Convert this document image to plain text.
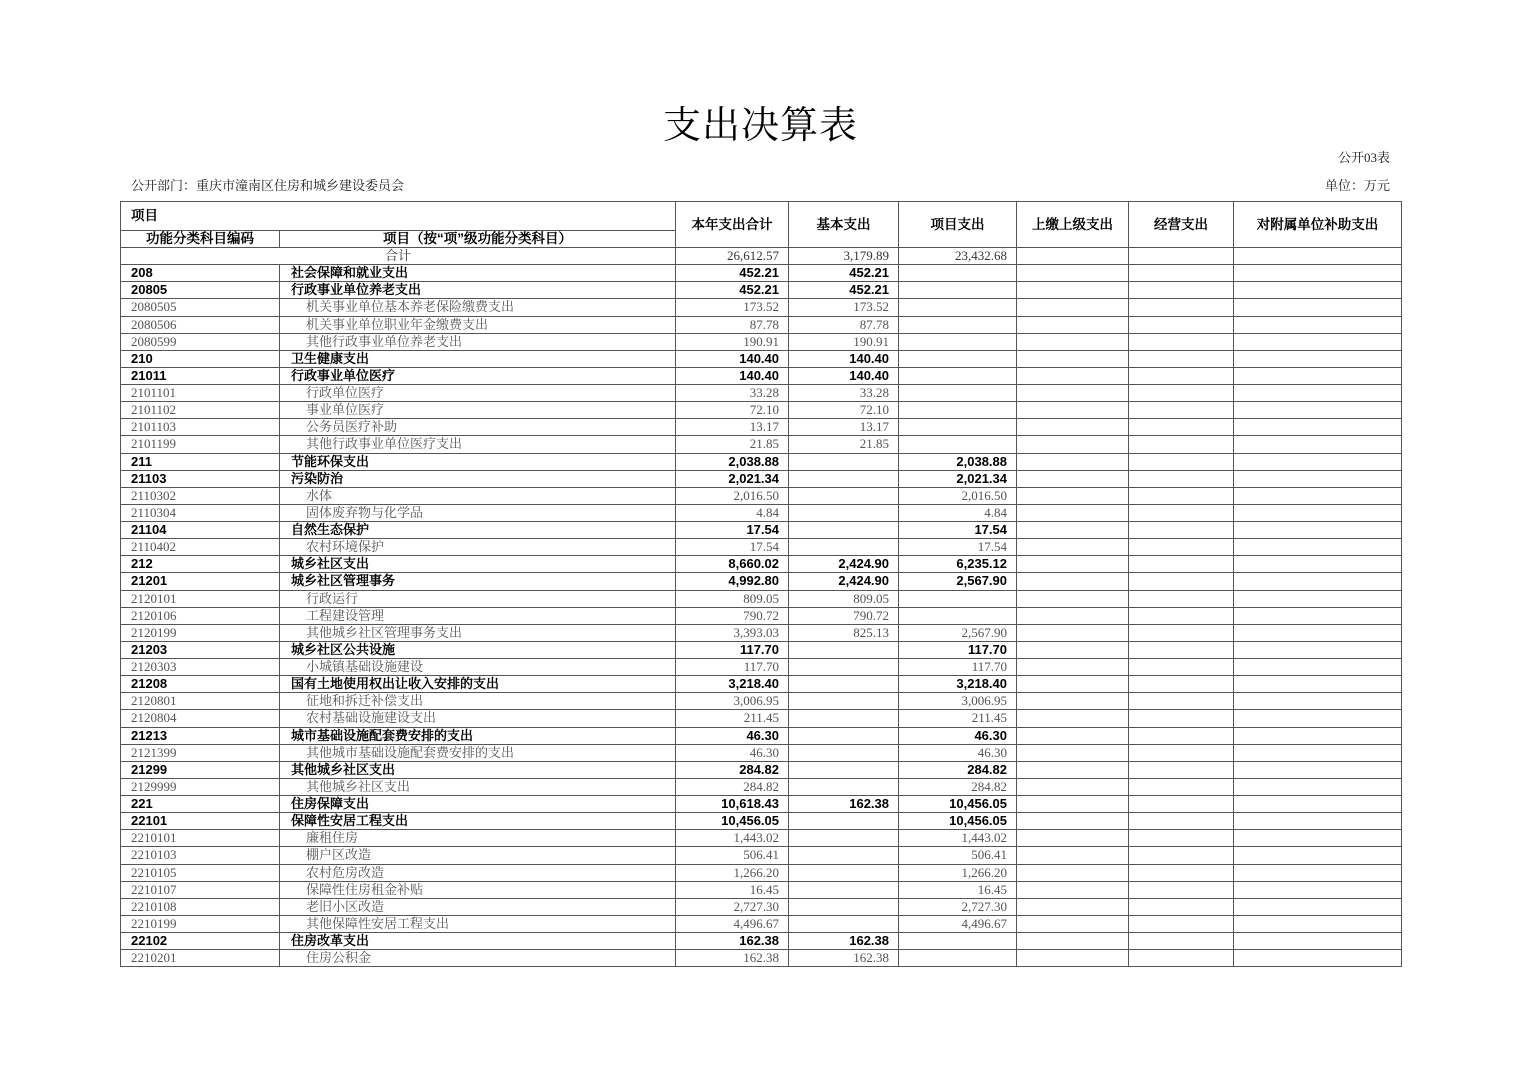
支出决算表
公开03表
公开部门：重庆市潼南区住房和城乡建设委员会	单位：万元
项目		本年支出合计	基本支出	项目支出	上缴上级支出	经营支出	对附属单位补助支出
功能分类科目编码	项目（按“项”级功能分类科目）						
合计		26,612.57	3,179.89	23,432.68			
208	社会保障和就业支出	452.21	452.21				
20805	行政事业单位养老支出	452.21	452.21				
2080505	机关事业单位基本养老保险缴费支出	173.52	173.52				
2080506	机关事业单位职业年金缴费支出	87.78	87.78				
2080599	其他行政事业单位养老支出	190.91	190.91				
210	卫生健康支出	140.40	140.40				
21011	行政事业单位医疗	140.40	140.40				
2101101	行政单位医疗	33.28	33.28				
2101102	事业单位医疗	72.10	72.10				
2101103	公务员医疗补助	13.17	13.17				
2101199	其他行政事业单位医疗支出	21.85	21.85				
211	节能环保支出	2,038.88		2,038.88			
21103	污染防治	2,021.34		2,021.34			
2110302	水体	2,016.50		2,016.50			
2110304	固体废弃物与化学品	4.84		4.84			
21104	自然生态保护	17.54		17.54			
2110402	农村环境保护	17.54		17.54			
212	城乡社区支出	8,660.02	2,424.90	6,235.12			
21201	城乡社区管理事务	4,992.80	2,424.90	2,567.90			
2120101	行政运行	809.05	809.05				
2120106	工程建设管理	790.72	790.72				
2120199	其他城乡社区管理事务支出	3,393.03	825.13	2,567.90			
21203	城乡社区公共设施	117.70		117.70			
2120303	小城镇基础设施建设	117.70		117.70			
21208	国有土地使用权出让收入安排的支出	3,218.40		3,218.40			
2120801	征地和拆迁补偿支出	3,006.95		3,006.95			
2120804	农村基础设施建设支出	211.45		211.45			
21213	城市基础设施配套费安排的支出	46.30		46.30			
2121399	其他城市基础设施配套费安排的支出	46.30		46.30			
21299	其他城乡社区支出	284.82		284.82			
2129999	其他城乡社区支出	284.82		284.82			
221	住房保障支出	10,618.43	162.38	10,456.05			
22101	保障性安居工程支出	10,456.05		10,456.05			
2210101	廉租住房	1,443.02		1,443.02			
2210103	棚户区改造	506.41		506.41			
2210105	农村危房改造	1,266.20		1,266.20			
2210107	保障性住房租金补贴	16.45		16.45			
2210108	老旧小区改造	2,727.30		2,727.30			
2210199	其他保障性安居工程支出	4,496.67		4,496.67			
22102	住房改革支出	162.38	162.38				
2210201	住房公积金	162.38	162.38				
